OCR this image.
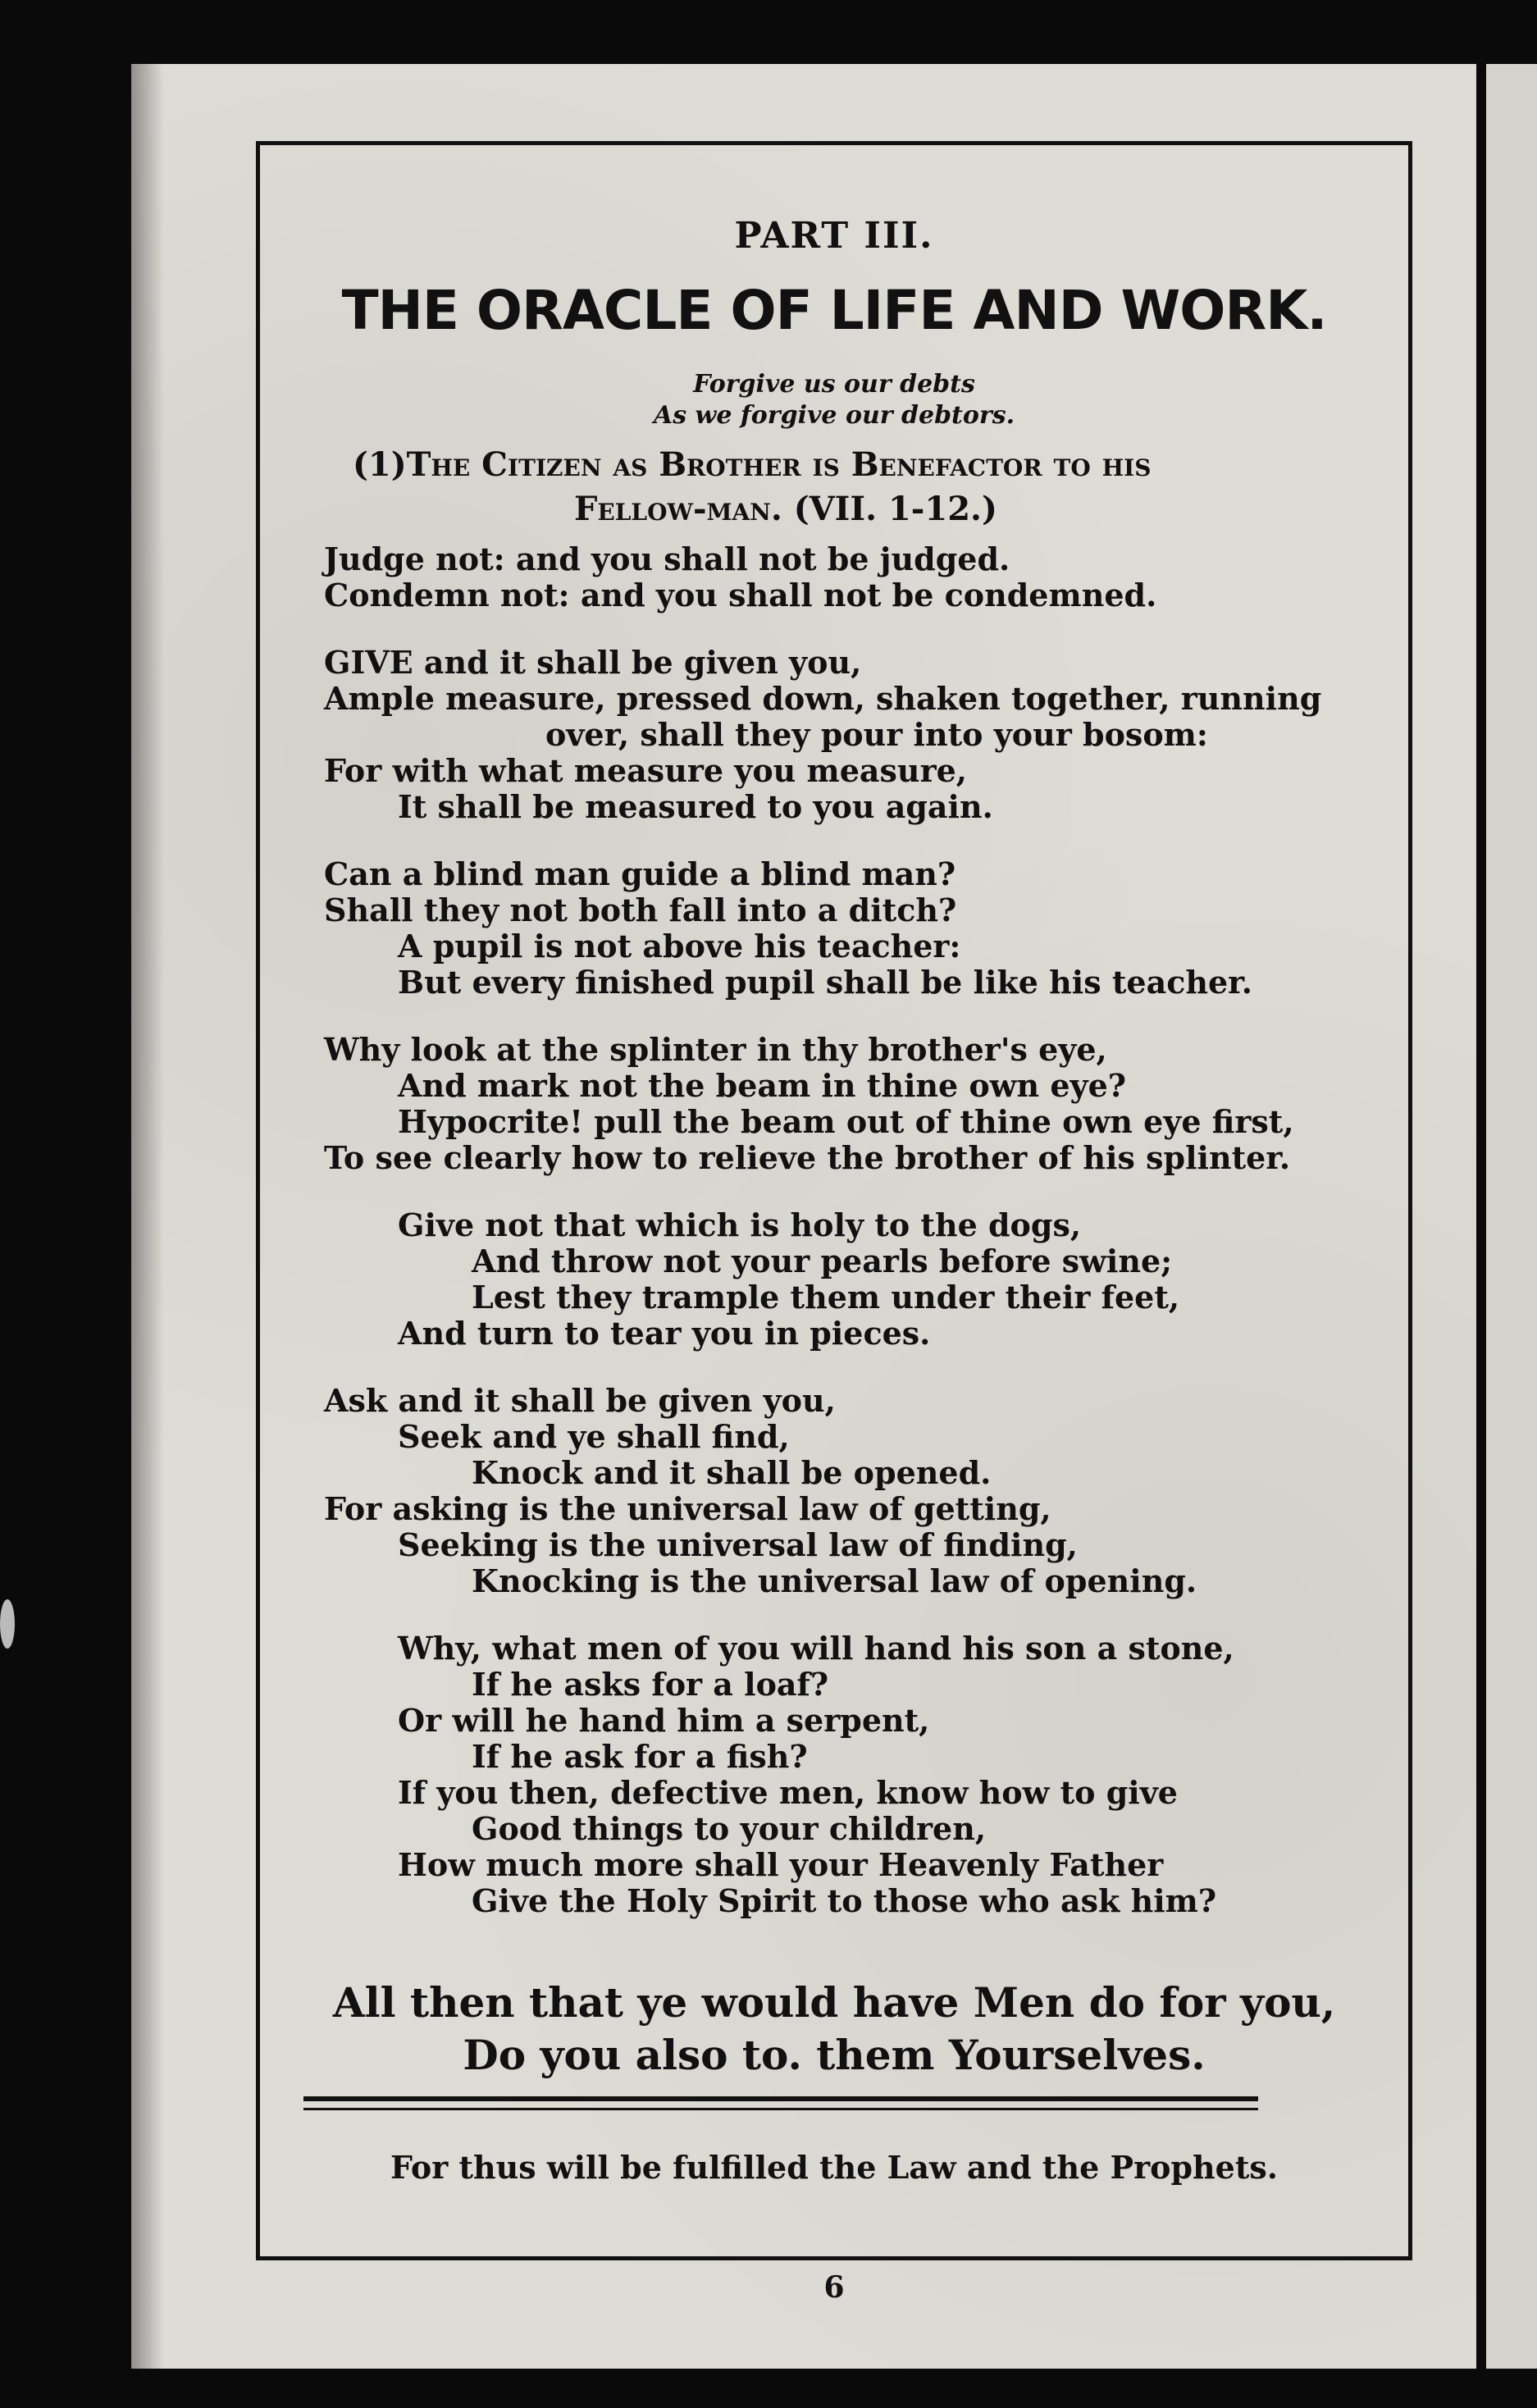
PART III.
THE ORACLE OF LIFE AND WORK.
Forgive us our debts
As we forgive our debtors.
(1)The Citizen as Brother is Benefactor to his
Fellow-man. (VII. 1-12.)
Judge not: and you shall not be judged.
Condemn not: and you shall not be condemned.
GIVE and it shall be given you,
Ample measure, pressed down, shaken together, running
over, shall they pour into your bosom:
For with what measure you measure,
It shall be measured to you again.
Can a blind man guide a blind man?
Shall they not both fall into a ditch?
A pupil is not above his teacher:
But every finished pupil shall be like his teacher.
Why look at the splinter in thy brother's eye,
And mark not the beam in thine own eye?
Hypocrite! pull the beam out of thine own eye first,
To see clearly how to relieve the brother of his splinter.
Give not that which is holy to the dogs,
And throw not your pearls before swine;
Lest they trample them under their feet,
And turn to tear you in pieces.
Ask and it shall be given you,
Seek and ye shall find,
Knock and it shall be opened.
For asking is the universal law of getting,
Seeking is the universal law of finding,
Knocking is the universal law of opening.
Why, what men of you will hand his son a stone,
If he asks for a loaf?
Or will he hand him a serpent,
If he ask for a fish?
If you then, defective men, know how to give
Good things to your children,
How much more shall your Heavenly Father
Give the Holy Spirit to those who ask him?
All then that ye would have Men do for you,
Do you also to. them Yourselves.
For thus will be fulfilled the Law and the Prophets.
6
